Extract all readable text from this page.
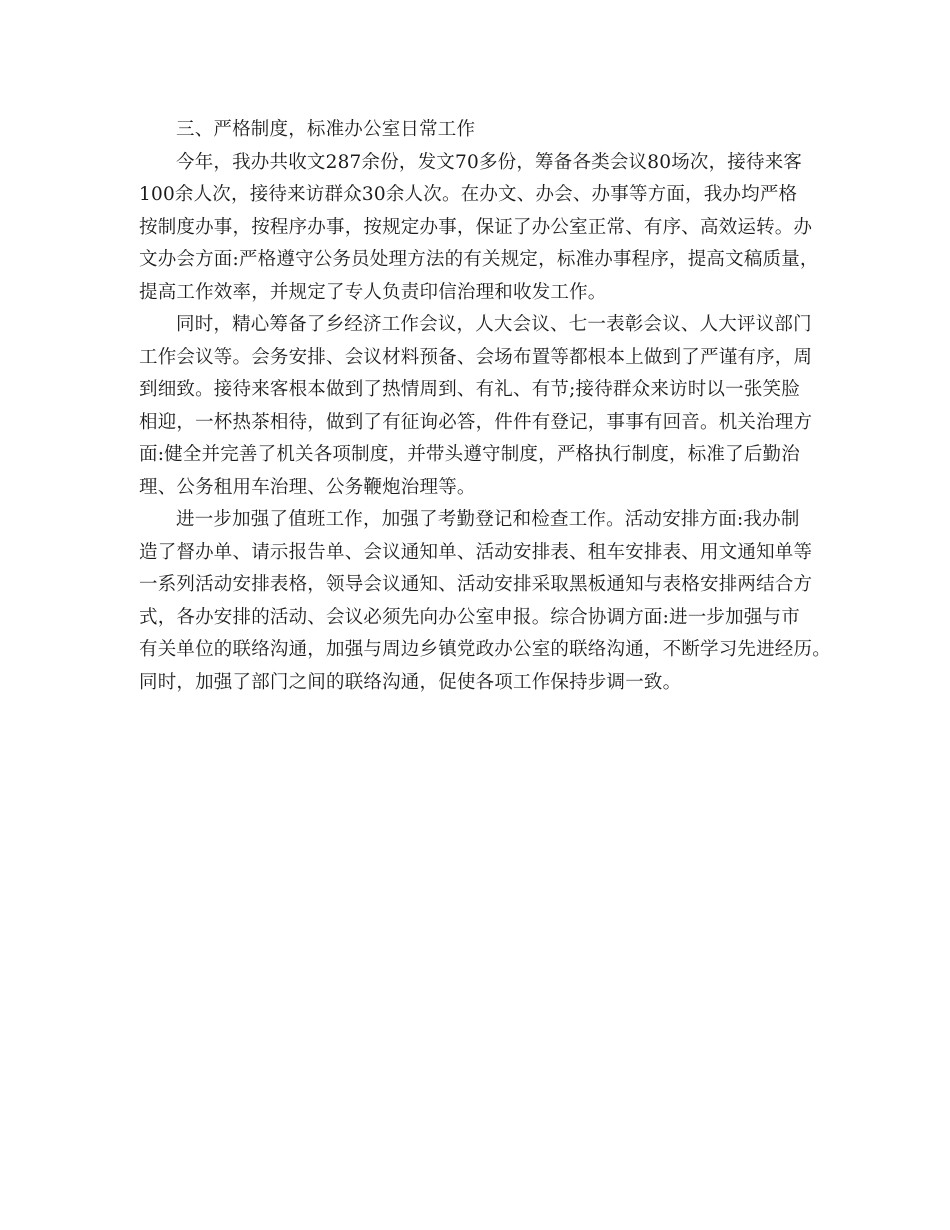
三、严格制度，标准办公室日常工作
今年，我办共收文287余份，发文70多份，筹备各类会议80场次，接待来客
100余人次，接待来访群众30余人次。在办文、办会、办事等方面，我办均严格
按制度办事，按程序办事，按规定办事，保证了办公室正常、有序、高效运转。办
文办会方面:严格遵守公务员处理方法的有关规定，标准办事程序，提高文稿质量，
提高工作效率，并规定了专人负责印信治理和收发工作。
同时，精心筹备了乡经济工作会议，人大会议、七一表彰会议、人大评议部门
工作会议等。会务安排、会议材料预备、会场布置等都根本上做到了严谨有序，周
到细致。接待来客根本做到了热情周到、有礼、有节;接待群众来访时以一张笑脸
相迎，一杯热茶相待，做到了有征询必答，件件有登记，事事有回音。机关治理方
面:健全并完善了机关各项制度，并带头遵守制度，严格执行制度，标准了后勤治
理、公务租用车治理、公务鞭炮治理等。
进一步加强了值班工作，加强了考勤登记和检查工作。活动安排方面:我办制
造了督办单、请示报告单、会议通知单、活动安排表、租车安排表、用文通知单等
一系列活动安排表格，领导会议通知、活动安排采取黑板通知与表格安排两结合方
式，各办安排的活动、会议必须先向办公室申报。综合协调方面:进一步加强与市
有关单位的联络沟通，加强与周边乡镇党政办公室的联络沟通，不断学习先进经历。
同时，加强了部门之间的联络沟通，促使各项工作保持步调一致。
